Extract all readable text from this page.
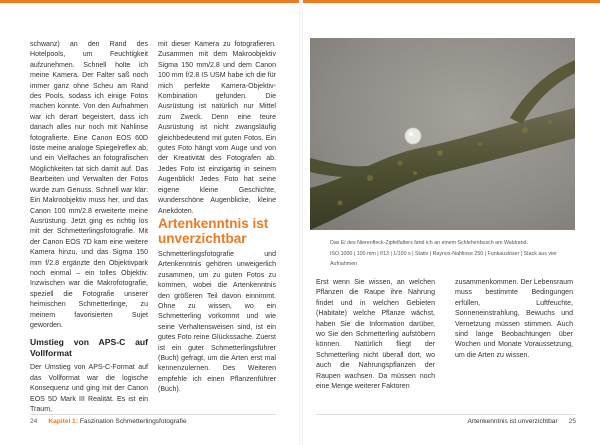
schwanz) an den Rand des Hotelpools, um Feuchtigkeit aufzunehmen. Schnell holte ich meine Kamera. Der Falter saß noch immer ganz ohne Scheu am Rand des Pools, sodass ich einige Fotos machen konnte. Von den Aufnahmen war ich derart begeistert, dass ich danach alles nur noch mit Nahlinse fotografierte. Eine Canon EOS 60D löste meine analoge Spiegelreflex ab, und ein Vielfaches an fotografischen Möglichkeiten tat sich damit auf. Das Bearbeiten und Verwalten der Fotos wurde zum Genuss. Schnell war klar: Ein Makroobjektiv muss her, und das Canon 100 mm/2.8 erweiterte meine Ausrüstung. Jetzt ging es richtig los mit der Schmetterlingsfotografie. Mit der Canon EOS 7D kam eine weitere Kamera hinzu, und das Sigma 150 mm f/2.8 ergänzte den Objektivpark noch einmal – ein tolles Objektiv. Inzwischen war die Makrofotografie, speziell die Fotografie unserer heimischen Schmetterlinge, zu meinem favorisierten Sujet geworden.

Umstieg von APS-C auf Vollformat

Der Umstieg von APS-C-Format auf das Vollformat war die logische Konsequenz und ging mit der Canon EOS 5D Mark III Realität. Es ist ein Traum,

mit dieser Kamera zu fotografieren. Zusammen mit dem Makroobjektiv Sigma 150 mm/2.8 und dem Canon 100 mm f/2.8 IS USM habe ich die für mich perfekte Kamera-Objektiv-Kombination gefunden. Die Ausrüstung ist natürlich nur Mittel zum Zweck. Denn eine teure Ausrüstung ist nicht zwangsläufig gleichbedeutend mit guten Fotos. Ein gutes Foto hängt vom Auge und von der Kreativität des Fotografen ab. Jedes Foto ist einzigartig in seinem Augenblick! Jedes Foto hat seine eigene kleine Geschichte, wunderschöne Augenblicke, kleine Anekdoten.

Artenkenntnis ist unverzichtbar

Schmetterlingsfotografie und Artenkenntnis gehören unweigerlich zusammen, um zu guten Fotos zu kommen, wobei die Artenkenntnis den größeren Teil davon einnimmt. Ohne zu wissen, wo ein Schmetterling vorkommt und wie seine Verhaltensweisen sind, ist ein gutes Foto reine Glückssache. Zuerst ist ein guter Schmetterlingsführer (Buch) gefragt, um die Arten erst mal kennenzulernen. Des Weiteren empfehle ich einen Pflanzenführer (Buch).

24 Kapitel 1: Faszination Schmetterlingsfotografie

Das Ei des Nierenfleck-Zipfelfalters fand ich an einem Schlehenbusch am Waldrand.

ISO 1000 | 100 mm | f/13 | 1/100 s | Stativ | Raynox-Nahlinse 250 | Funkauslöser | Stack aus vier Aufnahmen

Erst wenn Sie wissen, an welchen Pflanzen die Raupe ihre Nahrung findet und in welchen Gebieten (Habitate) welche Pflanze wächst, haben Sie die Information darüber, wo Sie den Schmetterling aufstöbern können. Natürlich fliegt der Schmetterling nicht überall dort, wo auch die Nahrungspflanzen der Raupen wachsen. Da müssen noch eine Menge weiterer Faktoren

zusammenkommen. Der Lebensraum muss bestimmte Bedingungen erfüllen, Luftfeuchte, Sonneneinstrahlung, Bewuchs und Vernetzung müssen stimmen. Auch sind lange Beobachtungen über Wochen und Monate Voraussetzung, um die Arten zu wissen.

Artenkenntnis ist unverzichtbar 25
